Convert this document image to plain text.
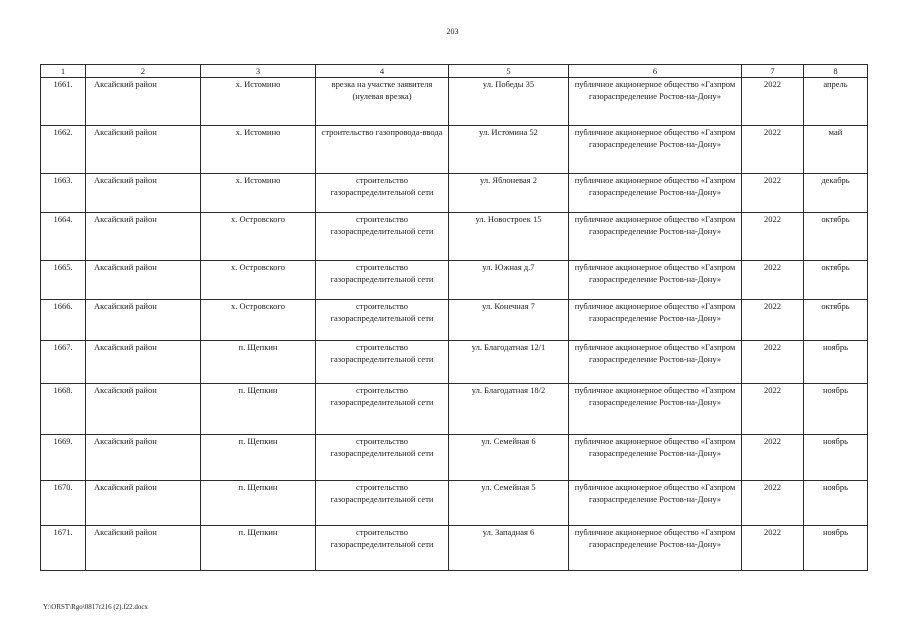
203
1	2	3	4	5	6	7	8
1661.	Аксайский район	х. Истомино	врезка на участке заявителя (нулевая врезка)	ул. Победы 35	публичное акционерное общество «Газпром газораспределение Ростов-на-Дону»	2022	апрель
1662.	Аксайский район	х. Истомино	строительство газопровода-ввода	ул. Истомина 52	публичное акционерное общество «Газпром газораспределение Ростов-на-Дону»	2022	май
1663.	Аксайский район	х. Истомино	строительство газораспределительной сети	ул. Яблоневая 2	публичное акционерное общество «Газпром газораспределение Ростов-на-Дону»	2022	декабрь
1664.	Аксайский район	х. Островского	строительство газораспределительной сети	ул. Новостроек 15	публичное акционерное общество «Газпром газораспределение Ростов-на-Дону»	2022	октябрь
1665.	Аксайский район	х. Островского	строительство газораспределительной сети	ул. Южная д.7	публичное акционерное общество «Газпром газораспределение Ростов-на-Дону»	2022	октябрь
1666.	Аксайский район	х. Островского	строительство газораспределительной сети	ул. Конечная 7	публичное акционерное общество «Газпром газораспределение Ростов-на-Дону»	2022	октябрь
1667.	Аксайский район	п. Щепкин	строительство газораспределительной сети	ул. Благодатная 12/1	публичное акционерное общество «Газпром газораспределение Ростов-на-Дону»	2022	ноябрь
1668.	Аксайский район	п. Щепкин	строительство газораспределительной сети	ул. Благодатная 18/2	публичное акционерное общество «Газпром газораспределение Ростов-на-Дону»	2022	ноябрь
1669.	Аксайский район	п. Щепкин	строительство газораспределительной сети	ул. Семейная 6	публичное акционерное общество «Газпром газораспределение Ростов-на-Дону»	2022	ноябрь
1670.	Аксайский район	п. Щепкин	строительство газораспределительной сети	ул. Семейная 5	публичное акционерное общество «Газпром газораспределение Ростов-на-Дону»	2022	ноябрь
1671.	Аксайский район	п. Щепкин	строительство газораспределительной сети	ул. Западная 6	публичное акционерное общество «Газпром газораспределение Ростов-на-Дону»	2022	ноябрь
Y:\ORST\Rgo\0817r216 (2).f22.docx
